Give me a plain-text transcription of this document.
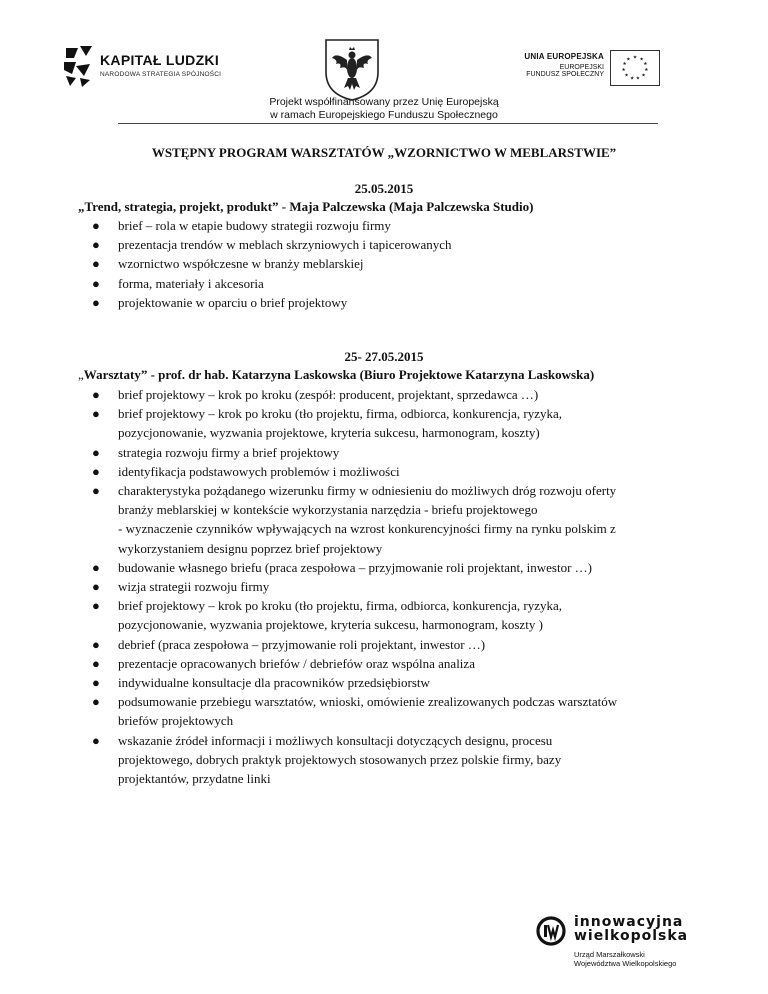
KAPITAŁ LUDZKI
NARODOWA STRATEGIA SPÓJNOŚCI
UNIA EUROPEJSKA
EUROPEJSKI
FUNDUSZ SPOŁECZNY
★ ★
★
★
★
★
★
★
★
★
★
Projekt współfinansowany przez Unię Europejską
w ramach Europejskiego Funduszu Społecznego
WSTĘPNY PROGRAM WARSZTATÓW „WZORNICTWO W MEBLARSTWIE”
25.05.2015
„Trend, strategia, projekt, produkt” - Maja Palczewska (Maja Palczewska Studio)
● brief – rola w etapie budowy strategii rozwoju firmy
● prezentacja trendów w meblach skrzyniowych i tapicerowanych
● wzornictwo współczesne w branży meblarskiej
● forma, materiały i akcesoria
● projektowanie w oparciu o brief projektowy
25- 27.05.2015
„Warsztaty” - prof. dr hab. Katarzyna Laskowska (Biuro Projektowe Katarzyna Laskowska)
● brief projektowy – krok po kroku (zespół: producent, projektant, sprzedawca …)
● brief projektowy – krok po kroku (tło projektu, firma, odbiorca, konkurencja, ryzyka,
pozycjonowanie, wyzwania projektowe, kryteria sukcesu, harmonogram, koszty)
● strategia rozwoju firmy a brief projektowy
● identyfikacja podstawowych problemów i możliwości
● charakterystyka pożądanego wizerunku firmy w odniesieniu do możliwych dróg rozwoju oferty
branży meblarskiej w kontekście wykorzystania narzędzia - briefu projektowego
- wyznaczenie czynników wpływających na wzrost konkurencyjności firmy na rynku polskim z
wykorzystaniem designu poprzez brief projektowy
● budowanie własnego briefu (praca zespołowa – przyjmowanie roli projektant, inwestor …)
● wizja strategii rozwoju firmy
● brief projektowy – krok po kroku (tło projektu, firma, odbiorca, konkurencja, ryzyka,
pozycjonowanie, wyzwania projektowe, kryteria sukcesu, harmonogram, koszty )
● debrief (praca zespołowa – przyjmowanie roli projektant, inwestor …)
● prezentacje opracowanych briefów / debriefów oraz wspólna analiza
● indywidualne konsultacje dla pracowników przedsiębiorstw
● podsumowanie przebiegu warsztatów, wnioski, omówienie zrealizowanych podczas warsztatów
briefów projektowych
● wskazanie źródeł informacji i możliwych konsultacji dotyczących designu, procesu
projektowego, dobrych praktyk projektowych stosowanych przez polskie firmy, bazy
projektantów, przydatne linki
innowacyjna
wielkopolska
Urząd Marszałkowski
Województwa Wielkopolskiego
